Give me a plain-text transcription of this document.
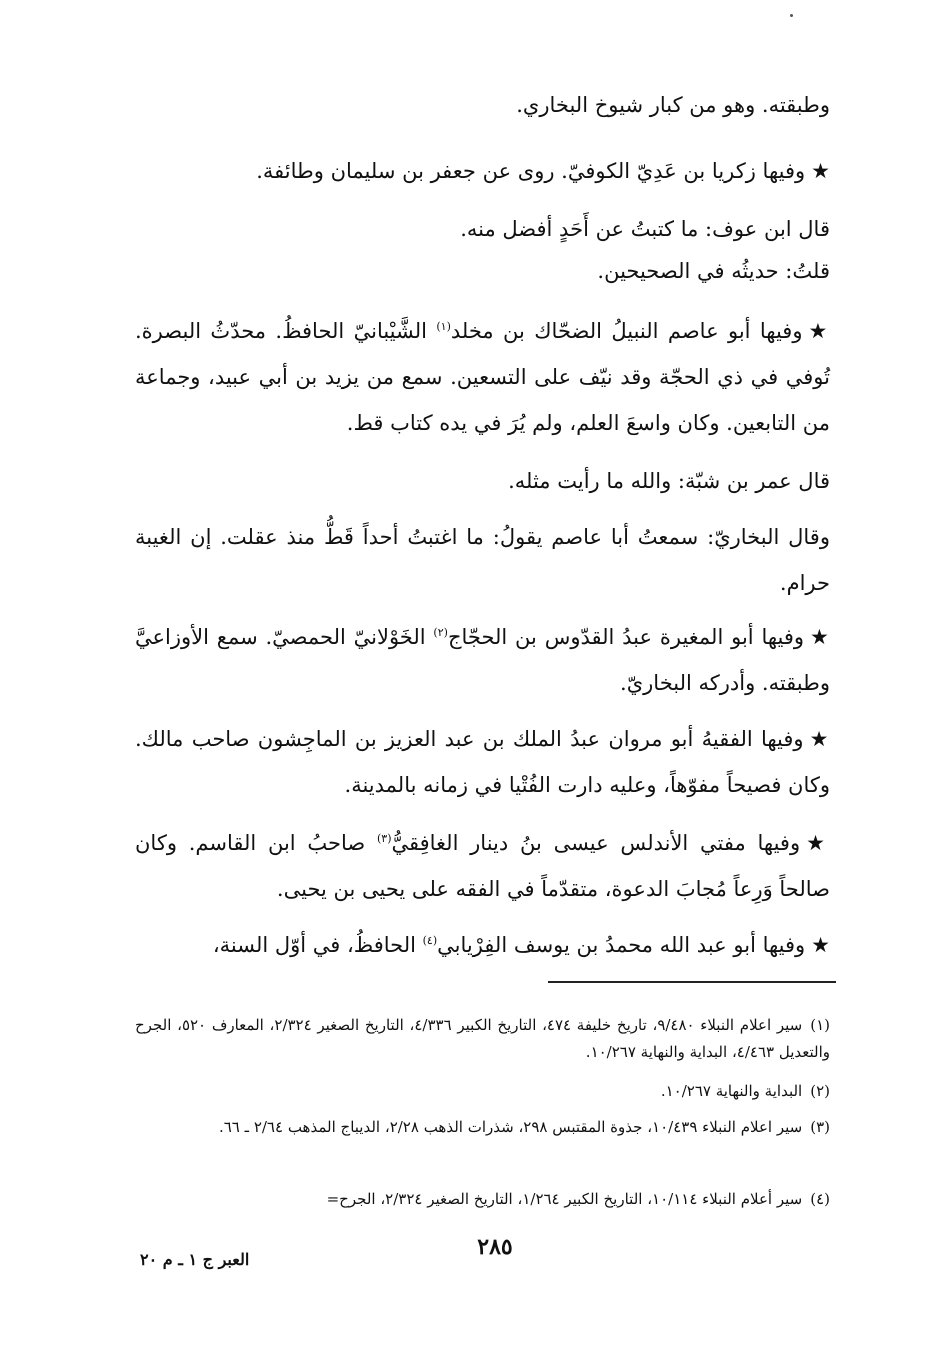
وطبقته. وهو من كبار شيوخ البخاري.

★وفيها زكريا بن عَدِيّ الكوفيّ. روى عن جعفر بن سليمان وطائفة.

قال ابن عوف: ما كتبتُ عن أَحَدٍ أفضل منه.

قلتُ: حديثُه في الصحيحين.

★وفيها أبو عاصم النبيلُ الضحّاك بن مخلد$^{(١)}$ الشَّيْبانيّ الحافظُ. محدّثُ البصرة. تُوفي في ذي الحجّة وقد نيّف على التسعين. سمع من يزيد بن أبي عبيد، وجماعة من التابعين. وكان واسعَ العلم، ولم يُرَ في يده كتاب قط.

قال عمر بن شبّة: والله ما رأيت مثله.

وقال البخاريّ: سمعتُ أبا عاصم يقولُ: ما اغتبتُ أحداً قَطُّ منذ عقلت. إن الغيبة حرام.

★وفيها أبو المغيرة عبدُ القدّوس بن الحجّاج$^{(٢)}$ الخَوْلانيّ الحمصيّ. سمع الأوزاعيَّ وطبقته. وأدركه البخاريّ.

★وفيها الفقيهُ أبو مروان عبدُ الملك بن عبد العزيز بن الماجِشون صاحب مالك. وكان فصيحاً مفوّهاً، وعليه دارت الفُتْيا في زمانه بالمدينة.

★وفيها مفتي الأندلس عيسى بنُ دينار الغافِقيُّ$^{(٣)}$ صاحبُ ابن القاسم. وكان صالحاً وَرِعاً مُجابَ الدعوة، متقدّماً في الفقه على يحيى بن يحيى.

★وفيها أبو عبد الله محمدُ بن يوسف الفِرْيابي$^{(٤)}$ الحافظُ، في أوّل السنة،

(١)سير اعلام النبلاء ٩/٤٨٠، تاريخ خليفة ٤٧٤، التاريخ الكبير ٤/٣٣٦، التاريخ الصغير ٢/٣٢٤، المعارف ٥٢٠، الجرح والتعديل ٤/٤٦٣، البداية والنهاية ١٠/٢٦٧.

(٢)البداية والنهاية ١٠/٢٦٧.

(٣)سير اعلام النبلاء ١٠/٤٣٩، جذوة المقتبس ٢٩٨، شذرات الذهب ٢/٢٨، الديباج المذهب ٢/٦٤ ـ ٦٦.

(٤)سير أعلام النبلاء ١٠/١١٤، التاريخ الكبير ١/٢٦٤، التاريخ الصغير ٢/٣٢٤، الجرح=

٢٨٥
العبر ج ١ ـ م ٢٠
